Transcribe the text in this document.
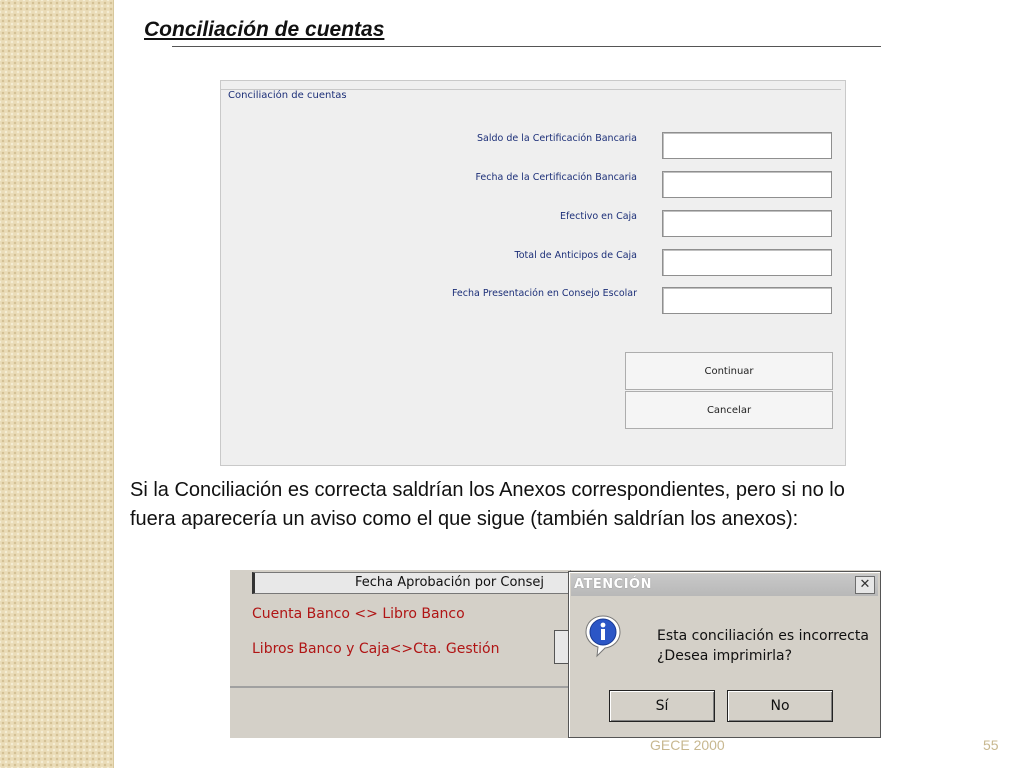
Conciliación de cuentas
Conciliación de cuentas
Saldo de la Certificación Bancaria
Fecha de la Certificación Bancaria
Efectivo en Caja
Total de Anticipos de Caja
Fecha Presentación en Consejo Escolar
Continuar
Cancelar
Si la Conciliación es correcta saldrían los Anexos correspondientes, pero si no lo
fuera aparecería un aviso como el que sigue (también saldrían los anexos):
Fecha Aprobación por Consej
Cuenta Banco <> Libro Banco
Libros Banco y Caja<>Cta. Gestión
ATENCIÓN	✕
Esta conciliación es incorrecta
¿Desea imprimirla?
Sí	No
GECE 2000	55
